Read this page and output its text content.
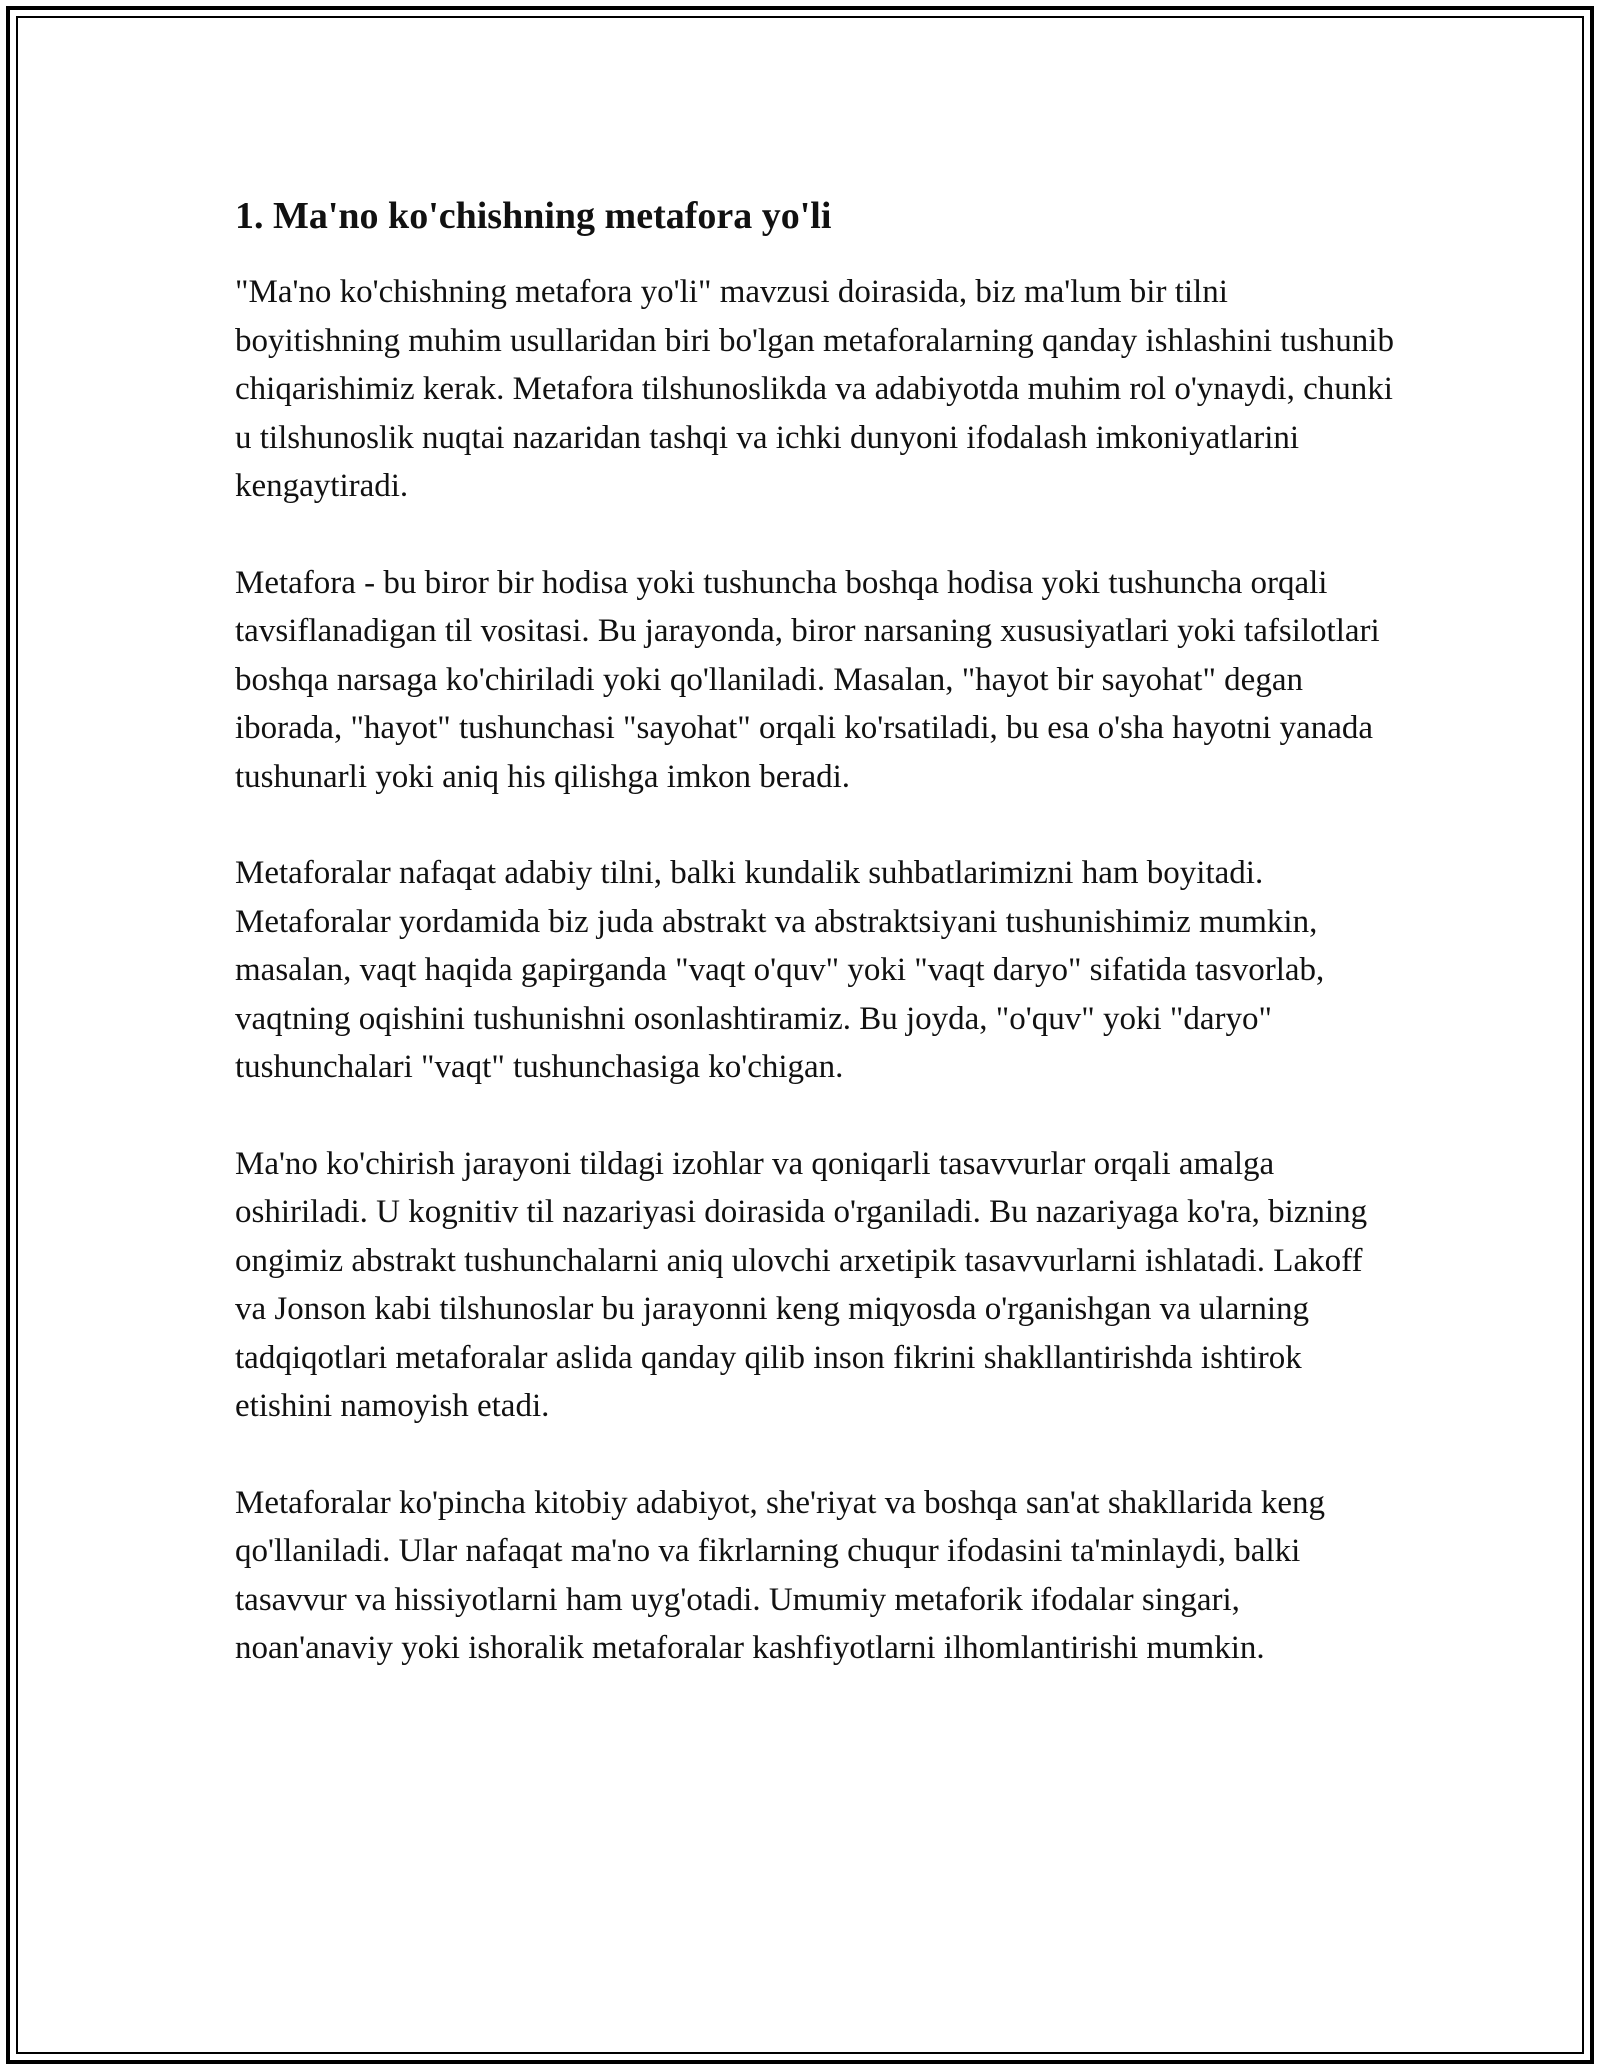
1. Ma'no ko'chishning metafora yo'li

"Ma'no ko'chishning metafora yo'li" mavzusi doirasida, biz ma'lum bir tilni boyitishning muhim usullaridan biri bo'lgan metaforalarning qanday ishlashini tushunib chiqarishimiz kerak. Metafora tilshunoslikda va adabiyotda muhim rol o'ynaydi, chunki u tilshunoslik nuqtai nazaridan tashqi va ichki dunyoni ifodalash imkoniyatlarini kengaytiradi.

Metafora - bu biror bir hodisa yoki tushuncha boshqa hodisa yoki tushuncha orqali tavsiflanadigan til vositasi. Bu jarayonda, biror narsaning xususiyatlari yoki tafsilotlari boshqa narsaga ko'chiriladi yoki qo'llaniladi. Masalan, "hayot bir sayohat" degan iborada, "hayot" tushunchasi "sayohat" orqali ko'rsatiladi, bu esa o'sha hayotni yanada tushunarli yoki aniq his qilishga imkon beradi.

Metaforalar nafaqat adabiy tilni, balki kundalik suhbatlarimizni ham boyitadi. Metaforalar yordamida biz juda abstrakt va abstraktsiyani tushunishimiz mumkin, masalan, vaqt haqida gapirganda "vaqt o'quv" yoki "vaqt daryo" sifatida tasvorlab, vaqtning oqishini tushunishni osonlashtiramiz. Bu joyda, "o'quv" yoki "daryo" tushunchalari "vaqt" tushunchasiga ko'chigan.

Ma'no ko'chirish jarayoni tildagi izohlar va qoniqarli tasavvurlar orqali amalga oshiriladi. U kognitiv til nazariyasi doirasida o'rganiladi. Bu nazariyaga ko'ra, bizning ongimiz abstrakt tushunchalarni aniq ulovchi arxetipik tasavvurlarni ishlatadi. Lakoff va Jonson kabi tilshunoslar bu jarayonni keng miqyosda o'rganishgan va ularning tadqiqotlari metaforalar aslida qanday qilib inson fikrini shakllantirishda ishtirok etishini namoyish etadi.

Metaforalar ko'pincha kitobiy adabiyot, she'riyat va boshqa san'at shakllarida keng qo'llaniladi. Ular nafaqat ma'no va fikrlarning chuqur ifodasini ta'minlaydi, balki tasavvur va hissiyotlarni ham uyg'otadi. Umumiy metaforik ifodalar singari, noan'anaviy yoki ishoralik metaforalar kashfiyotlarni ilhomlantirishi mumkin.
